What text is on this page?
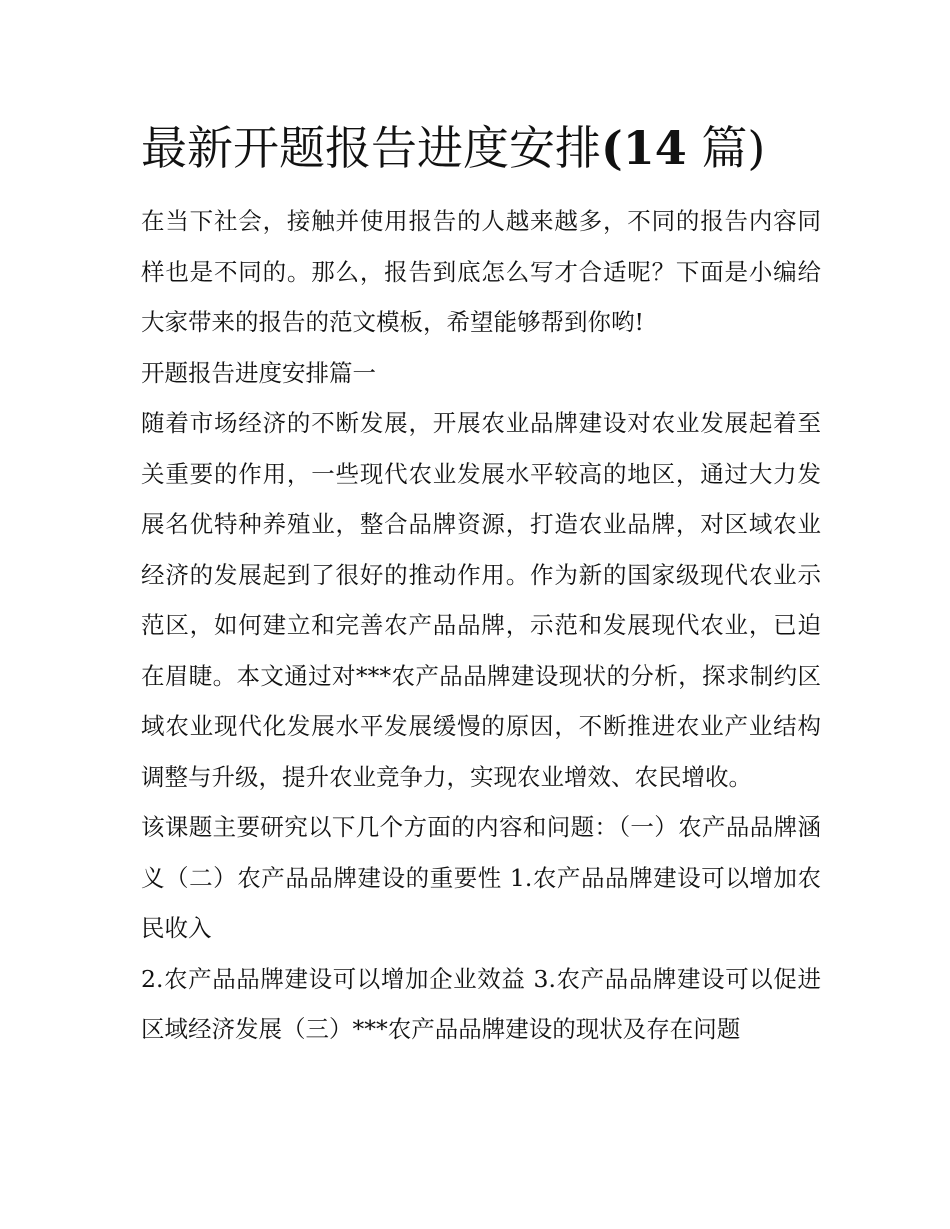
最新开题报告进度安排(14 篇)

在当下社会，接触并使用报告的人越来越多，不同的报告内容同样也是不同的。那么，报告到底怎么写才合适呢？下面是小编给大家带来的报告的范文模板，希望能够帮到你哟!

开题报告进度安排篇一

随着市场经济的不断发展，开展农业品牌建设对农业发展起着至关重要的作用，一些现代农业发展水平较高的地区，通过大力发展名优特种养殖业，整合品牌资源，打造农业品牌，对区域农业经济的发展起到了很好的推动作用。作为新的国家级现代农业示范区，如何建立和完善农产品品牌，示范和发展现代农业，已迫在眉睫。本文通过对***农产品品牌建设现状的分析，探求制约区域农业现代化发展水平发展缓慢的原因，不断推进农业产业结构调整与升级，提升农业竞争力，实现农业增效、农民增收。

该课题主要研究以下几个方面的内容和问题：（一）农产品品牌涵义（二）农产品品牌建设的重要性 1.农产品品牌建设可以增加农民收入

2.农产品品牌建设可以增加企业效益 3.农产品品牌建设可以促进区域经济发展（三）***农产品品牌建设的现状及存在问题
